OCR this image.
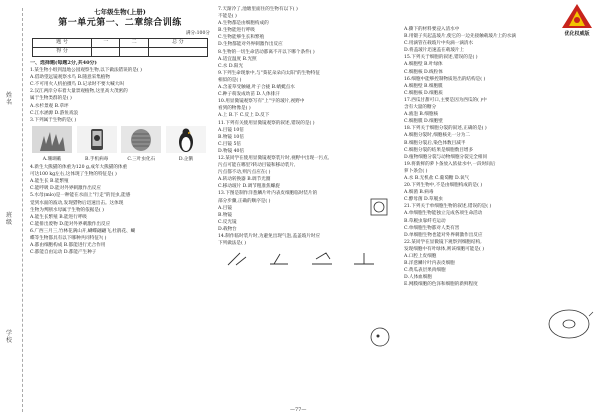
姓名
班级
学校
七年级生物(上册)
第一单元第一、二章综合训练
满分:100分
题 号	一	二	总 分
得 分			

一、选择题(每题2分,共40分)

1.某生物小组到湿地公园观察生物,以下做法错误的是( )

A.借助望远镜观察水鸟 B.随意采集植物

C.不可用火人机拍摄鸟 D.记录时不要大喊大叫

2.汉江两岸分布着大量景观植物,这里高大茂密的

属于生物类群的是( )

A.水杉景观 B.草坪

C.江水涵源 D.游鱼戏浪

3.下列属于生物的是( )

A.珊瑚礁	B.手机病毒	C.三叶虫化石	D.企鹅

4.新生大熊猫的体重为120 g,成年大熊猫的体重

可达100 kg左右,这体现了生物的特征是( )

A.能生长 B.能繁殖

C.能呼吸 D.能对外界刺激作出反应

5.水母(mlo)是一种能在水面上"行走"的昆虫,能感

觉到水面的波动,发现猎物后迅速出击。这体现

生物为判断水母属于生物的依据是( )

A.能生长繁殖 B.能进行呼吸

C.能排出废物 D.能对外界刺激作出反应

6.广西三月三,竹林花满山开,蝴蝶翩翩飞,杜鹃花、蝴

蝶等生物都具有以下哪种共同特征?( )

A.都由细胞构成 B.都能进行光合作用

C.都能自由运动 D.都能产生种子

7.天渐冷了,池塘里面住的生物有以下( )

不能是( )

A.生物都是由细胞构成的

B.生物能进行呼吸

C.生物能够生长和繁殖

D.生物都能对外界刺激作出反应

8.生物的一切生命活动都离不开以下哪个条件( )

A.适宜温度 B.光照

C.水 D.阳光

9.下列生命现象中,与"葵花朵朵向太阳"的生物特征

相似的是( )

A.含羞草受触碰,叶子合拢 B.蜻蜓点水

C.种子萌发成幼苗 D.人体排汗

10.用显微镜观察写有"上"字的玻片,视野中

看到的物像是( )

A.上 B.下 C.反上 D.反下

11.下列有关使用显微镜观察的叙述,错误的是( )

A.目镜 10倍

B.物镜 10倍

C.目镜 5倍

D.物镜 40倍

12.某同学在使用显微镜观察装片时,视野中出现一污点,

污点可能在哪里?转动目镜和移动装片,

污点都不动,则污点应在( )

A.转动转换器 B.调节光圈

C.移动玻片 D.调节粗准焦螺旋

13.下图是制作洋葱鳞片叶内表皮细胞临时装片的

部分步骤,正确的顺序是( )

A.目镜

B.物镜

C.反光镜

D.载物台

14.制作临时装片时,为避免出现气泡,盖盖玻片时应

下列做法是( )

A.撕下的材料要浸入清水中

B.用镊子夹起盖玻片,使它的一边先接触载玻片上的水滴

C.用滴管在载玻片中央滴一滴清水

D.将盖玻片迅速盖在载玻片上

15.下列关于细胞的叙述,错误的是( )

A.细胞壁 B.叶绿体

C.细胞核 D.线粒体

16.细胞中能够控制物质进出的结构是( )

A.细胞壁 B.细胞膜

C.细胞核 D.细胞质

17.西瓜甘甜可口,主要是因为西瓜的( )中

含有大量的糖分

A.液泡 B.细胞核

C.细胞膜 D.细胞壁

18.下列关于细胞分裂的叙述,正确的是( )

A.细胞分裂时,细胞核先一分为二

B.细胞分裂后,染色体数目减半

C.细胞分裂的结果是细胞数目增多

D.植物细胞分裂与动物细胞分裂完全相同

19.将新鲜的萝卜条放入浓盐水中,一段时间后

萝卜条会( )

A.水 B.无机盐 C.葡萄糖 D.氧气

20.下列生物中,不是由细胞构成的是( )

A.细菌 B.病毒

C.酵母菌 D.草履虫

21.下列关于单细胞生物的叙述,错误的是( )

A.单细胞生物能独立完成各项生命活动

B.草履虫靠纤毛运动

C.单细胞生物都对人类有害

D.单细胞生物也能对外界刺激作出反应

22.某同学在显微镜下观察到细胞结构,

发现细胞中有叶绿体,则该细胞可能是( )

A.口腔上皮细胞

B.洋葱鳞片叶内表皮细胞

C.黄瓜表层果肉细胞

D.人体血细胞

E.网膜细胞的色泽和细胞的新鲜程度

—77—
优化权威版
